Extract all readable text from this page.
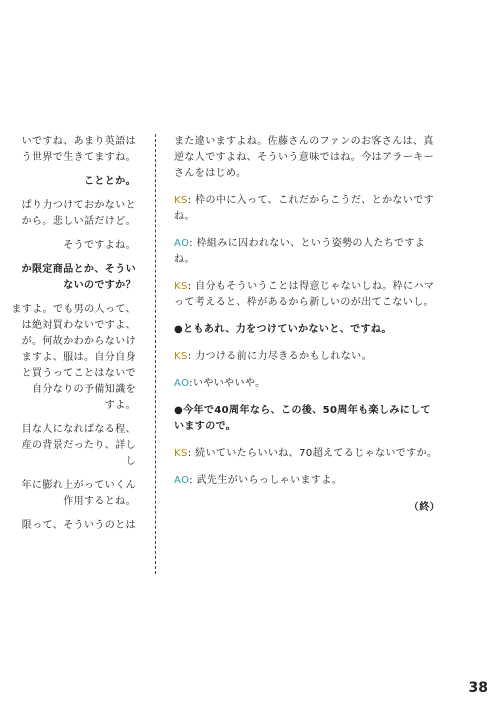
いですね、あまり英語は

う世界で生きてますね。

こととか。

ぱり力つけておかないと

から。悲しい話だけど。

そうですよね。

か限定商品とか、そうい

ないのですか？

ますよ。でも男の人って、

は絶対買わないですよ、

が。何故かわからないけ

ますよ、服は。自分自身

と買うってことはないで

自分なりの予備知識を

すよ。

目な人になればなる程、

産の背景だったり、詳し

し

年に膨れ上がっていくん

作用するとね。

限って、そういうのとは

また違いますよね。佐藤さんのファンのお客さんは、真逆な人ですよね、そういう意味ではね。今はアラーキーさんをはじめ。

KS: 枠の中に入って、これだからこうだ、とかないですね。

AO: 枠組みに囚われない、という姿勢の人たちですよね。

KS: 自分もそういうことは得意じゃないしね。枠にハマって考えると、枠があるから新しいのが出てこないし。

●ともあれ、力をつけていかないと、ですね。

KS: 力つける前に力尽きるかもしれない。

AO:いやいやいや。

●今年で40周年なら、この後、50周年も楽しみにしていますので。

KS: 続いていたらいいね、70超えてるじゃないですか。

AO: 武先生がいらっしゃいますよ。

（終）

38
